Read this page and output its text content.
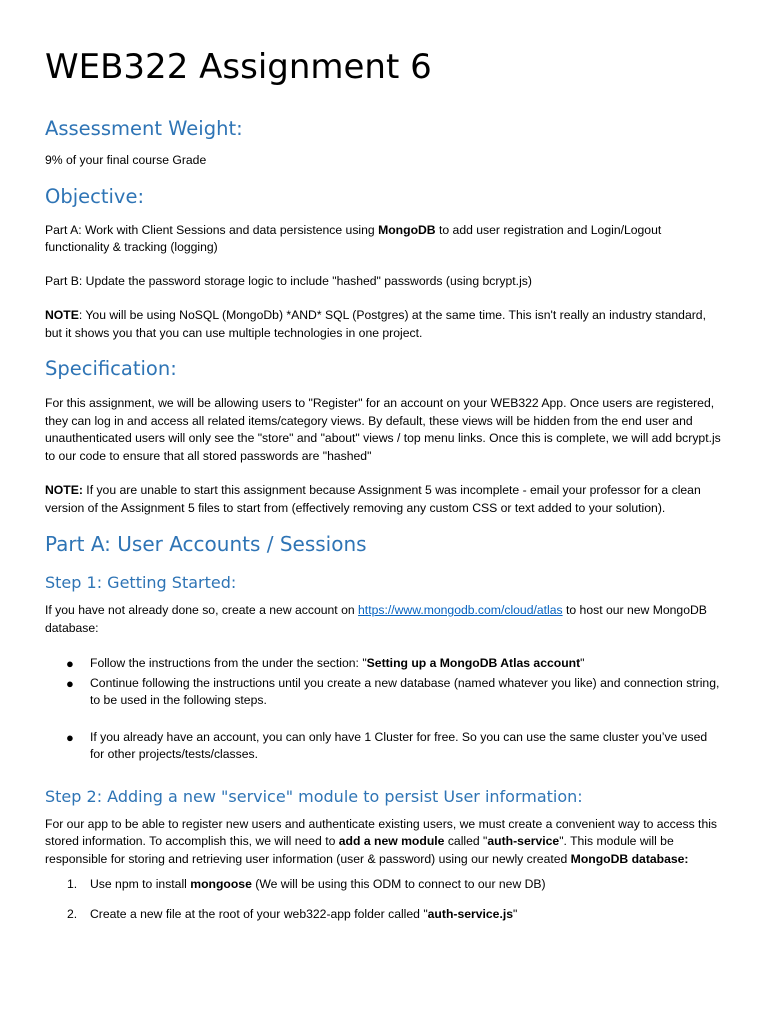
WEB322 Assignment 6
Assessment Weight:

9% of your final course Grade

Objective:

Part A: Work with Client Sessions and data persistence using MongoDB to add user registration and Login/Logout functionality & tracking (logging)

Part B: Update the password storage logic to include "hashed" passwords (using bcrypt.js)

NOTE: You will be using NoSQL (MongoDb) *AND* SQL (Postgres) at the same time. This isn't really an industry standard, but it shows you that you can use multiple technologies in one project.

Specification:

For this assignment, we will be allowing users to "Register" for an account on your WEB322 App. Once users are registered, they can log in and access all related items/category views. By default, these views will be hidden from the end user and unauthenticated users will only see the "store" and "about" views / top menu links. Once this is complete, we will add bcrypt.js to our code to ensure that all stored passwords are "hashed"

NOTE: If you are unable to start this assignment because Assignment 5 was incomplete - email your professor for a clean version of the Assignment 5 files to start from (effectively removing any custom CSS or text added to your solution).

Part A: User Accounts / Sessions
Step 1: Getting Started:

If you have not already done so, create a new account on https://www.mongodb.com/cloud/atlas to host our new MongoDB database:

● Follow the instructions from the under the section: "Setting up a MongoDB Atlas account"

● Continue following the instructions until you create a new database (named whatever you like) and connection string, to be used in the following steps.

● If you already have an account, you can only have 1 Cluster for free. So you can use the same cluster you’ve used for other projects/tests/classes.

Step 2: Adding a new "service" module to persist User information:

For our app to be able to register new users and authenticate existing users, we must create a convenient way to access this stored information. To accomplish this, we will need to add a new module called "auth-service". This module will be responsible for storing and retrieving user information (user & password) using our newly created MongoDB database:

1. Use npm to install mongoose (We will be using this ODM to connect to our new DB)

2. Create a new file at the root of your web322-app folder called "auth-service.js"
